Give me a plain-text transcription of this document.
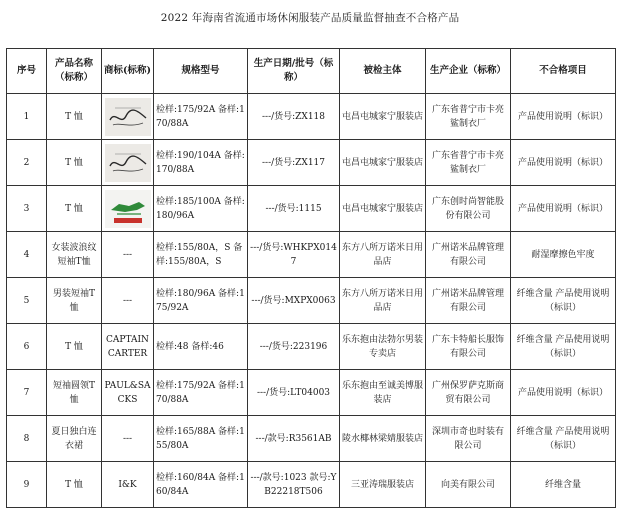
2022 年海南省流通市场休闲服装产品质量监督抽查不合格产品
序号	产品名称（标称）	商标(标称)	规格型号	生产日期/批号（标称）	被检主体	生产企业（标称）	不合格项目
1	T 恤		检样:175/92A 备样:170/88A	---/货号:ZX118	屯昌屯城家宁服装店	广东省普宁市卡亮鲨制衣厂	产品使用说明（标识）
2	T 恤		检样:190/104A 备样:170/88A	---/货号:ZX117	屯昌屯城家宁服装店	广东省普宁市卡亮鲨制衣厂	产品使用说明（标识）
3	T 恤		检样:185/100A 备样:180/96A	---/货号:1115	屯昌屯城家宁服装店	广东创时尚智能股份有限公司	产品使用说明（标识）
4	女装波浪纹短袖T恤	---	检样:155/80A，S 备样:155/80A，S	---/货号:WHKPX0147	东方八所万诺米日用品店	广州诺米品牌管理有限公司	耐湿摩擦色牢度
5	男装短袖T恤	---	检样:180/96A 备样:175/92A	---/货号:MXPX0063	东方八所万诺米日用品店	广州诺米品牌管理有限公司	纤维含量 产品使用说明（标识）
6	T 恤	CAPTAIN CARTER	检样:48 备样:46	---/货号:223196	乐东抱由法勃尔男装专卖店	广东卡特船长服饰有限公司	纤维含量 产品使用说明（标识）
7	短袖圆领T恤	PAUL&SACKS	检样:175/92A 备样:170/88A	---/货号:LT04003	乐东抱由至诚美博服装店	广州保罗萨克斯商贸有限公司	产品使用说明（标识）
8	夏日独白连衣裙	---	检样:165/88A 备样:155/80A	---/款号:R3561AB	陵水椰林梁婧服装店	深圳市奇也时装有限公司	纤维含量 产品使用说明（标识）
9	T 恤	I&K	检样:160/84A 备样:160/84A	---/款号:1023 款号:YB22218T506	三亚涛瑞服装店	向美有限公司	纤维含量
